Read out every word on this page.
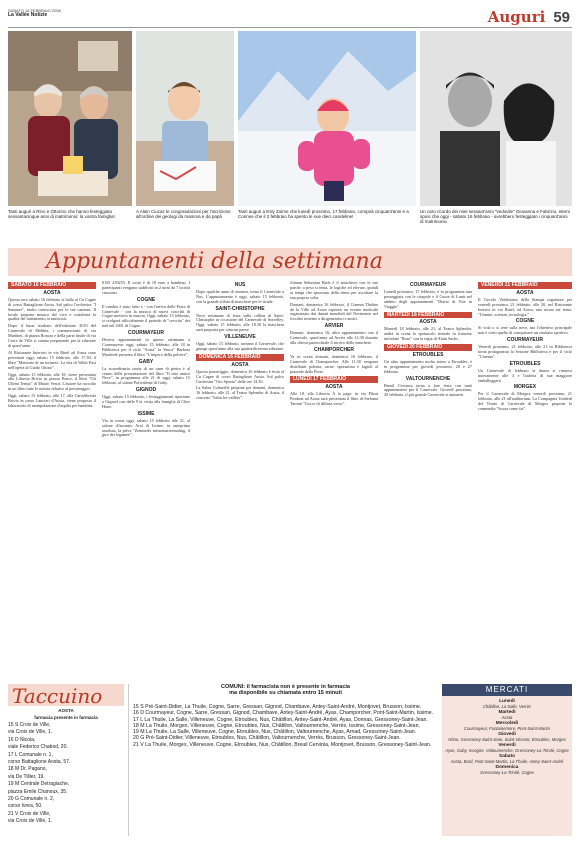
SABATO 16 FEBBRAIO 2008
La Vallée Notizie	Auguri 59
Tanti auguri a Rino e Ottorino che hanno festeggiato sessantacinque anni di matrimonio: la vostra famiglia!
A Alain Ciucaz le congratulazioni per l'iscrizione all'ordine dei geologi da mamma e da papà
Tanti auguri a Esly Zulme che lunedì prossimo, 17 febbraio, compirà cinquant'anni e a Corinne che il 2 febbraio ha spento le sue dieci candeline!
Un caro ricordo dei miei sessant'anni "vedovile" Giovanna e Fabrizio, eterni sposi che oggi - sabato 16 febbraio - avrebbero festeggiato i cinquant'anni di matrimonio
Appuntamenti della settimana
SABATO 16 FEBBRAIO
AOSTA

Questa sera sabato 16 febbraio si balla al Cu Cagne di corso Battaglione Aosta. Sul palco l'orchestra "I Summer", molto conosciuta per le sue canzoni. Il locale propone musica dal vivo e sottolinea la qualità del trattamento ai musicisti.

Dopo il buon risultato dell'edizione 2019 del Carnevale di Mebbia, i commercianti di via Martinet, di piazza Roncas e della parte finale di via Croix de Ville si stanno preparando per la edizione di quest'anno.

Al Ristorante Interiori in via Binel ad Aosta sono presentati oggi, sabato 15 febbraio, alle 17.30, il libro "Memorie di un torinese. La vita di Valdo Fusi nell'opera di Guido Ottino".

Oggi, sabato 15 febbraio, alle 18, viene presentato alla Libreria Brivio in piazza Bruce, il libro "Gli Ultimi Tempi" di Mauro Vestri. L'autore ha raccolto in un libro tutte le notizie relative al personaggio.

Oggi, sabato 15 febbraio, alle 17, alla Cartolibreria Brivio in corso Lancieri d'Aosta, viene proposto il laboratorio di manipolazione d'argilla per bambini.

0165 239255. Il costo è di 10 euro a bambino. I partecipanti vengono suddivisi in 2 turni da 7 iscritti ciascuno.

COGNE

Il cambio è stato fatto e - con l'arrivo delle Feste di Carnevale - con la musica di nuovi coscritti di Cogne mettersi in marcia. Oggi, sabato 15 febbraio, si svolgerà ufficialmente il periodo di "crescita" dei nati nel 2001 di Cogne.

COURMAYEUR

Diversi appuntamenti in questo settimana a Courmayeur: oggi, sabato 15 febbraio, alle 18 in Biblioteca per il ciclo "Aosta" la Venca" Barbara Manfredi presenta il libro "L'impero della polvere".

GABY

La straordinaria storia di un cane di pietra è al centro della presentazione del libro "Il mio amico Neve", in programma alle 21 di oggi, sabato 15 febbraio, al salone Polivalente di Gaby.

GIGNOD

Oggi, sabato 15 febbraio, i festeggiamenti riportano a Gignod con dalle 9 la visita alla famiglia di Chez Hone.

ISSIME

Via in scena oggi, sabato 15 febbraio alle 21, al salone d'incontro Aral di Issime, in anteprima assoluta, la pièce "Zemnedis missematteemaling, il giro dei legamee".

NUS

Dopo qualche anno di assenza, torna il Carnevale a Nus. L'appuntamento è oggi, sabato 15 febbraio, con la grande sfilata di maschere per le strade.

SAINT-CHRISTOPHE

Nove settimane di festa sulla collina di Saint-Christophe in occasione del Carnevale di Sorrelley. Oggi, sabato 15 febbraio, alle 18.30 la maschera sarà proposta per ciascun paese.

VILLENEUVE

Oggi, sabato 15 febbraio, tornano il Carnevale, che giunge quest'anno alla sua quattordicesima edizione.

DOMENICA 16 FEBBRAIO
AOSTA

Questo pomeriggio, domenica 16 febbraio è festa al Cu Cagne di corso Battaglione Aosta. Sul palco l'orchestra "Oro Spezia" dalle ore 14.30.

La Salon Culturelle propone per domani, domenica 16 febbraio, alle 21, al Teatro Splendor di Aosta, il concerto "Salut les vallées".

Johann Sebastian Bach è il antichisce con le sue parole, a peso si tenta, le logiche ed elevare, quindi ai tempi che spezzano della ritmo per ascoltare la sua proprio volta.

Domani, domenica 16 febbraio, il Cinema Théâtre de la Ville ad Aosta ospiterà un evento musicale organizzato dai dunati mondiali del Nevimenis nel focolari insieme a dirigenziatori e amici.

ARVIER

Domani, domenica 16, altro appuntamento con il Carnevale, quest'anno ad Arvier alle 14.30 durante alla chiesa parrocchiale il ritrovo delle maschere.

CHAMPORCHER

Va in scena domani, domenica 16 febbraio, il Carnevale di Champorcher. Alle 11.30 vengono distribuiti polenta, carne, spezzatino e fagioli al piazzale della Poste.

LUNEDÌ 17 FEBBRAIO
AOSTA

Alle 18, alla Libreria À la page, in via Pilzat Pirobrat ad Aosta sarà presentata il libro di Stefania Tarrani "Gocce di diffusa verso".

COURMAYEUR

Lunedì prossimo, 17 febbraio, è in programma una passeggiata con le ciaspole e il Cuore di Lunir nel ambito degli appuntamenti "Diario di Vita in Viaggio".

MARTEDÌ 18 FEBBRAIO
AOSTA

Martedì 18 febbraio, alle 21, al Teatro Splendor, andrà in scena lo spettacolo teatrale in francese intitolato "Rose" con la regia di Alain Sachs.

GIOVEDÌ 20 FEBBRAIO
ETROUBLES

Un altro appuntamento molto atteso a Etroubles, è in programma per giovedì prossimo, 20 e 27 febbraio.

VALTOURNENCHE

Breuil Cervinia torna a fare festa con tanti appuntamenti per il Carnevale. Giovedì prossimo, 20 febbraio, il più grande Carnevale si animerà.

VENERDÌ 21 FEBBRAIO
AOSTA

Il Circolo Valdostano della Stampa organizza per venerdì prossimo, 21 febbraio, alle 20, nel Ristorante Intesisi in via Binel, ad Aosta, una serata sul tema: "Uomini, scienza, tecnologia."

COGNE

Si vola o si tene sulla neve, ma l'obiettivo principale non è certo quello di conquistare un risultato sportivo.

COURMAYEUR

Venerdì prossimo, 21 febbraio, alle 21 in Biblioteca torna protagonista la Sezione Biblioteca e per il ciclo "Cinema".

ETROUBLES

Un Carnevale di febbraio la danza si rinnova nuovamente alle 4 e l'auletta di sua maggiore emballeggerà.

MORGEX

Per il Carnevale di Morgex venerdì prossimo, 21 febbraio, alle 21 all'auditorium. La Compagnia Unidedi del Teatro di Carnevale di Morgex propone la commedia "Scusa come fai".

Taccuino
AOSTA
farmacia presente in farmacia
15 S Croix de Ville,
via Croix de Ville, 1.
16 D Nicola,
viale Federico Chabod, 20.
17 L Comunale n. 1,
corso Battaglione Aosta, 57.
18 M Dr. Pagano,
via De Tillier, 19.
19 M Centrale Detragiache,
piazza Emile Chanoux, 35.
20 G Comunale n. 2,
corso Ivrea, 50.
21 V Croix de Ville,
via Croix de Ville, 1.
COMUNI: il farmacista non è presente in farmacia
ma disponibile su chiamata entro 15 minuti
15 S Pré-Saint-Didier, La Thuile, Cogne, Sarre, Gressan, Gignod, Chambave, Antey-Saint-André, Montjovet, Brusson, Issime.
16 D Courmayeur, Cogne, Sarre, Gressan, Gignod, Chambave, Antey-Saint-André, Ayas, Champorcher, Pont-Saint-Martin, Issime.
17 L La Thuile, La Salle, Villeneuve, Cogne, Etroubles, Nus, Châtillon, Antey-Saint-André, Ayas, Donnas, Gressoney-Saint-Jean.
18 M La Thuile, Morgex, Villeneuve, Cogne, Etroubles, Nus, Châtillon, Valtournenche, Verrès, Issime, Gressoney-Saint-Jean.
19 M La Thuile, La Salle, Villeneuve, Cogne, Etroubles, Nus, Châtillon, Valtournenche, Ayas, Arnad, Gressoney-Saint-Jean.
20 G Pré-Saint-Didier, Villeneuve, Etroubles, Nus, Châtillon, Valtournenche, Verrès, Brusson, Gressoney-Saint-Jean.
21 V La Thuile, Morgex, Villeneuve, Cogne, Etroubles, Nus, Châtillon, Breuil Cervinia, Montjovet, Brusson, Gressoney-Saint-Jean.
MERCATI
Lunedì
Châtillon, La Salle, Verrès
Martedì
Aosta
Mercoledì
Courmayeur, Fontainemore, Pont-Saint-Martin
Giovedì
Hône, Gressoney-Saint-Jean, Saint-Vincent, Etroubles, Morgex
Venerdì
Ayas, Gaby, Issogne, Valtournenche, Gressoney-La-Trinité, Cogne
Sabato
Aosta, Bard, Pont-Saint-Martin, La Thuile, Antey-Saint-André
Domenica
Gressoney-La-Trinité, Cogne
